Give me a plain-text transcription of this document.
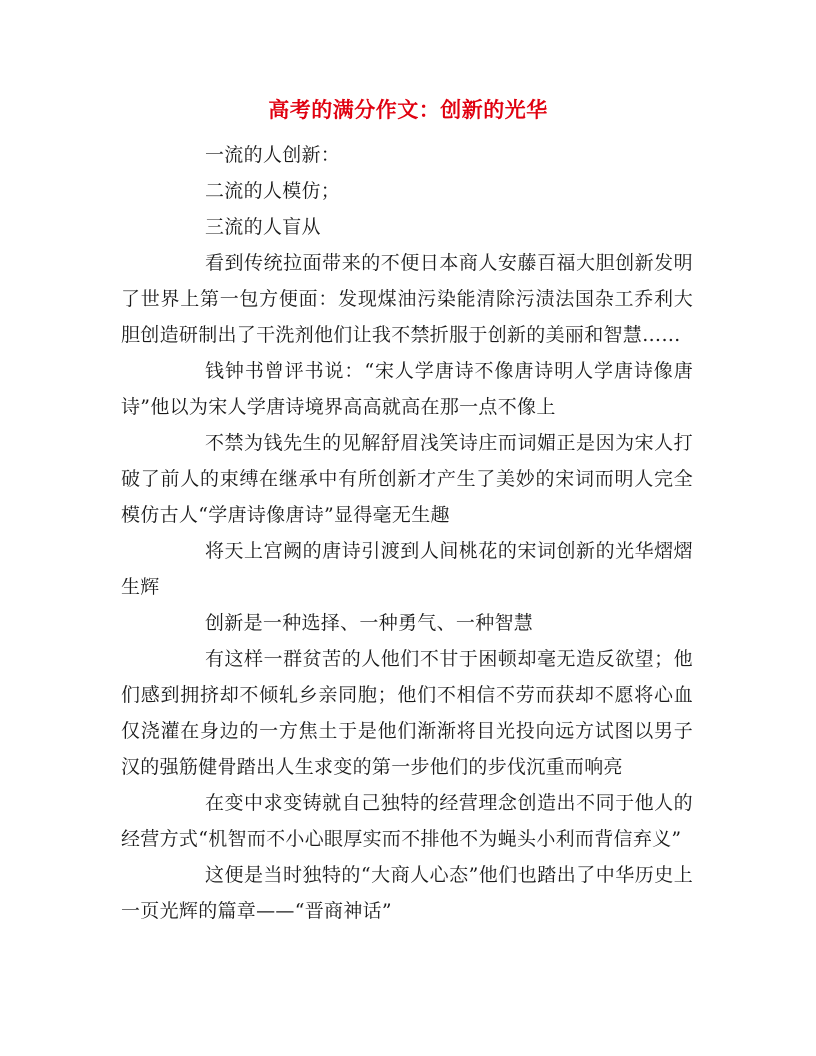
高考的满分作文：创新的光华

一流的人创新：

二流的人模仿；

三流的人盲从

看到传统拉面带来的不便日本商人安藤百福大胆创新发明了世界上第一包方便面：发现煤油污染能清除污渍法国杂工乔利大胆创造研制出了干洗剂他们让我不禁折服于创新的美丽和智慧……

钱钟书曾评书说：“宋人学唐诗不像唐诗明人学唐诗像唐诗”他以为宋人学唐诗境界高高就高在那一点不像上

不禁为钱先生的见解舒眉浅笑诗庄而词媚正是因为宋人打破了前人的束缚在继承中有所创新才产生了美妙的宋词而明人完全模仿古人“学唐诗像唐诗”显得毫无生趣

将天上宫阙的唐诗引渡到人间桃花的宋词创新的光华熠熠生辉

创新是一种选择、一种勇气、一种智慧

有这样一群贫苦的人他们不甘于困顿却毫无造反欲望；他们感到拥挤却不倾轧乡亲同胞；他们不相信不劳而获却不愿将心血仅浇灌在身边的一方焦土于是他们渐渐将目光投向远方试图以男子汉的强筋健骨踏出人生求变的第一步他们的步伐沉重而响亮

在变中求变铸就自己独特的经营理念创造出不同于他人的经营方式“机智而不小心眼厚实而不排他不为蝇头小利而背信弃义”

这便是当时独特的“大商人心态”他们也踏出了中华历史上一页光辉的篇章——“晋商神话”
